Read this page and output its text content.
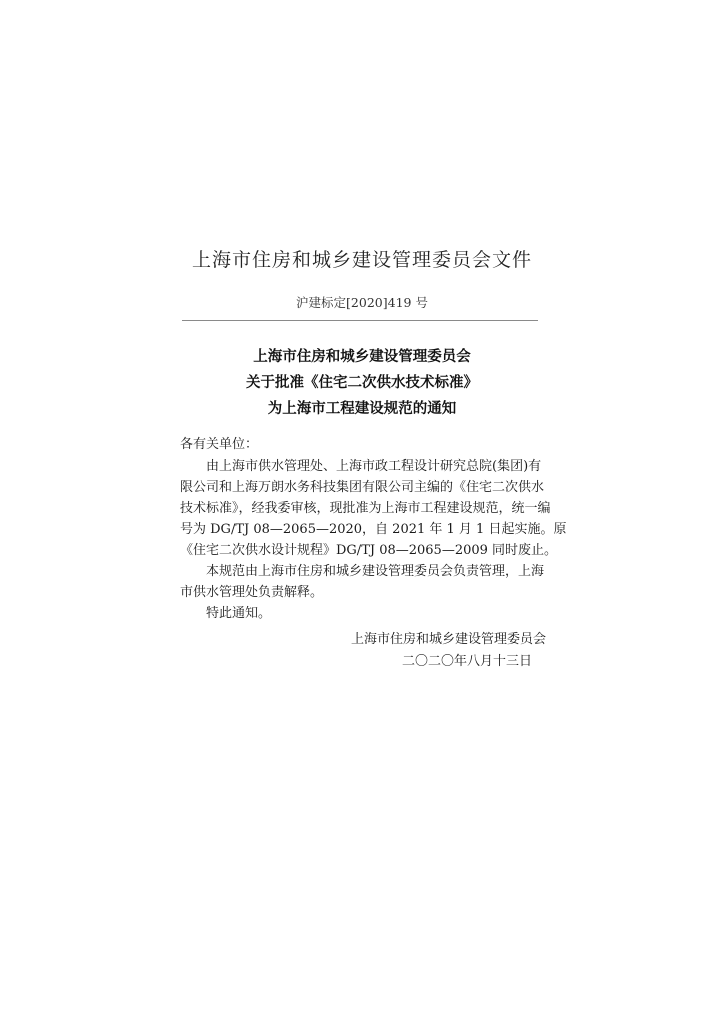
上海市住房和城乡建设管理委员会文件
沪建标定[2020]419 号
上海市住房和城乡建设管理委员会
关于批准《住宅二次供水技术标准》
为上海市工程建设规范的通知
各有关单位：
由上海市供水管理处、上海市政工程设计研究总院(集团)有
限公司和上海万朗水务科技集团有限公司主编的《住宅二次供水
技术标准》，经我委审核，现批准为上海市工程建设规范，统一编
号为 DG/TJ 08—2065—2020，自 2021 年 1 月 1 日起实施。原
《住宅二次供水设计规程》DG/TJ 08—2065—2009 同时废止。
本规范由上海市住房和城乡建设管理委员会负责管理，上海
市供水管理处负责解释。
特此通知。
上海市住房和城乡建设管理委员会
二〇二〇年八月十三日
